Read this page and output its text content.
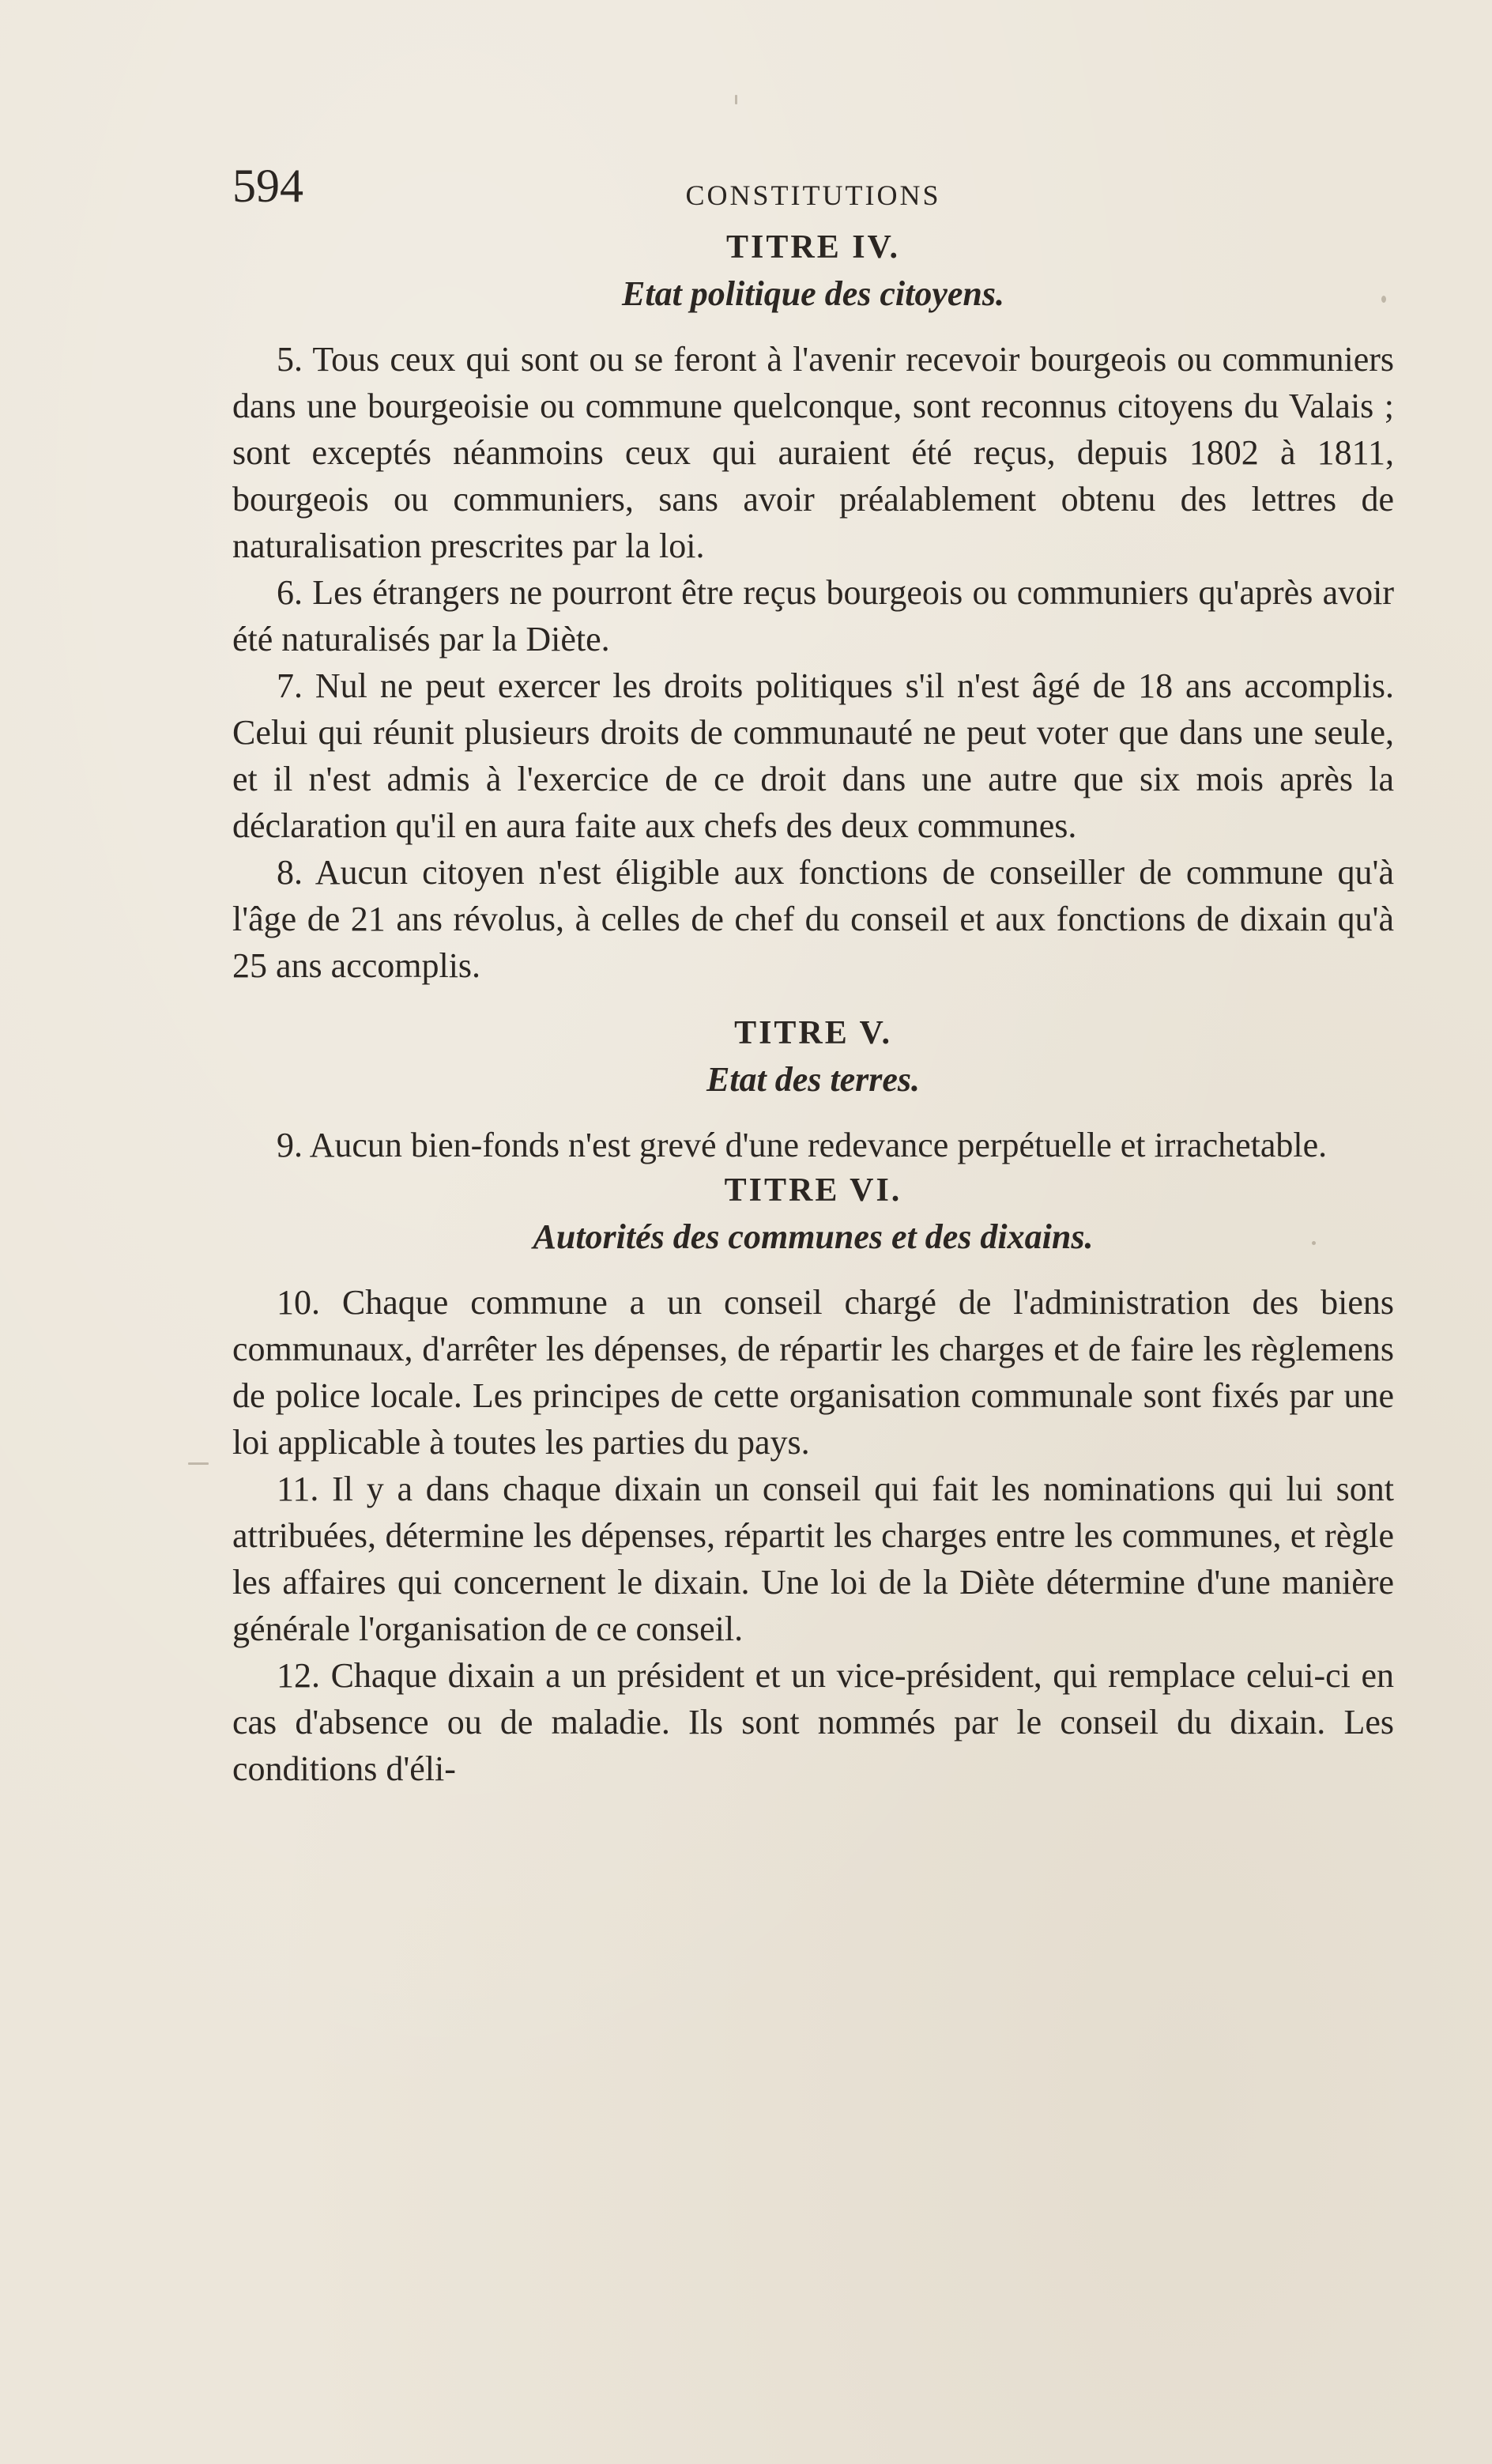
594	CONSTITUTIONS
TITRE IV.
Etat politique des citoyens.

5. Tous ceux qui sont ou se feront à l'avenir recevoir bourgeois ou communiers dans une bourgeoisie ou commune quelconque, sont reconnus citoyens du Valais ; sont exceptés néanmoins ceux qui auraient été reçus, depuis 1802 à 1811, bourgeois ou communiers, sans avoir préalablement obtenu des lettres de naturalisation prescrites par la loi.

6. Les étrangers ne pourront être reçus bourgeois ou communiers qu'après avoir été naturalisés par la Diète.

7. Nul ne peut exercer les droits politiques s'il n'est âgé de 18 ans accomplis. Celui qui réunit plusieurs droits de communauté ne peut voter que dans une seule, et il n'est admis à l'exercice de ce droit dans une autre que six mois après la déclaration qu'il en aura faite aux chefs des deux communes.

8. Aucun citoyen n'est éligible aux fonctions de conseiller de commune qu'à l'âge de 21 ans révolus, à celles de chef du conseil et aux fonctions de dixain qu'à 25 ans accomplis.

TITRE V.
Etat des terres.

9. Aucun bien-fonds n'est grevé d'une redevance perpétuelle et irrachetable.

TITRE VI.
Autorités des communes et des dixains.

10. Chaque commune a un conseil chargé de l'administration des biens communaux, d'arrêter les dépenses, de répartir les charges et de faire les règlemens de police locale. Les principes de cette organisation communale sont fixés par une loi applicable à toutes les parties du pays.

11. Il y a dans chaque dixain un conseil qui fait les nominations qui lui sont attribuées, détermine les dépenses, répartit les charges entre les communes, et règle les affaires qui concernent le dixain. Une loi de la Diète détermine d'une manière générale l'organisation de ce conseil.

12. Chaque dixain a un président et un vice-président, qui remplace celui-ci en cas d'absence ou de maladie. Ils sont nommés par le conseil du dixain. Les conditions d'éli-
